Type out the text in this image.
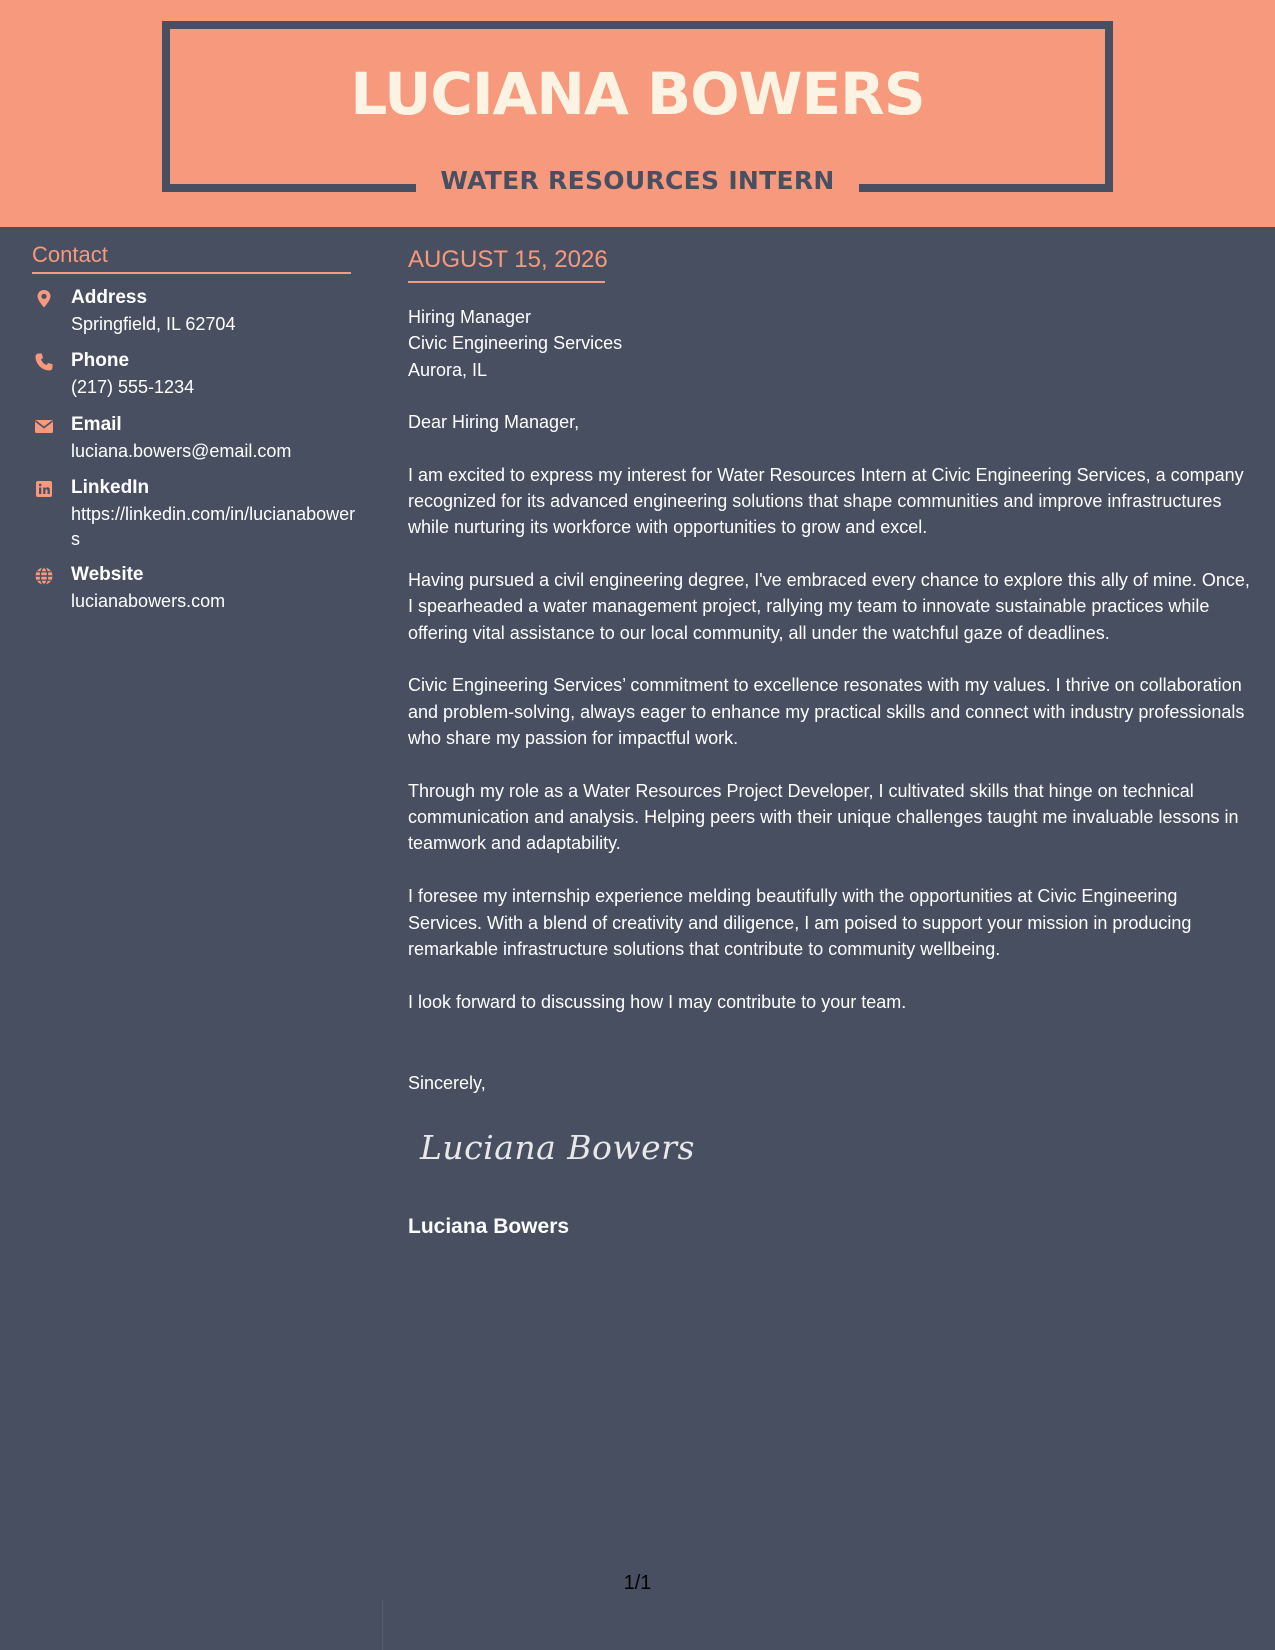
LUCIANA BOWERS
WATER RESOURCES INTERN
Contact
Address
Springfield, IL 62704
Phone
(217) 555-1234
Email
luciana.bowers@email.com
LinkedIn
https://linkedin.com/in/lucianabowers
Website
lucianabowers.com
AUGUST 15, 2026

Hiring Manager

Civic Engineering Services

Aurora, IL

Dear Hiring Manager,

I am excited to express my interest for Water Resources Intern at Civic Engineering Services, a company recognized for its advanced engineering solutions that shape communities and improve infrastructures while nurturing its workforce with opportunities to grow and excel.

Having pursued a civil engineering degree, I've embraced every chance to explore this ally of mine. Once, I spearheaded a water management project, rallying my team to innovate sustainable practices while offering vital assistance to our local community, all under the watchful gaze of deadlines.

Civic Engineering Services’ commitment to excellence resonates with my values. I thrive on collaboration and problem-solving, always eager to enhance my practical skills and connect with industry professionals who share my passion for impactful work.

Through my role as a Water Resources Project Developer, I cultivated skills that hinge on technical communication and analysis. Helping peers with their unique challenges taught me invaluable lessons in teamwork and adaptability.

I foresee my internship experience melding beautifully with the opportunities at Civic Engineering Services. With a blend of creativity and diligence, I am poised to support your mission in producing remarkable infrastructure solutions that contribute to community wellbeing.

I look forward to discussing how I may contribute to your team.

Sincerely,
Luciana Bowers
Luciana Bowers
1/1
